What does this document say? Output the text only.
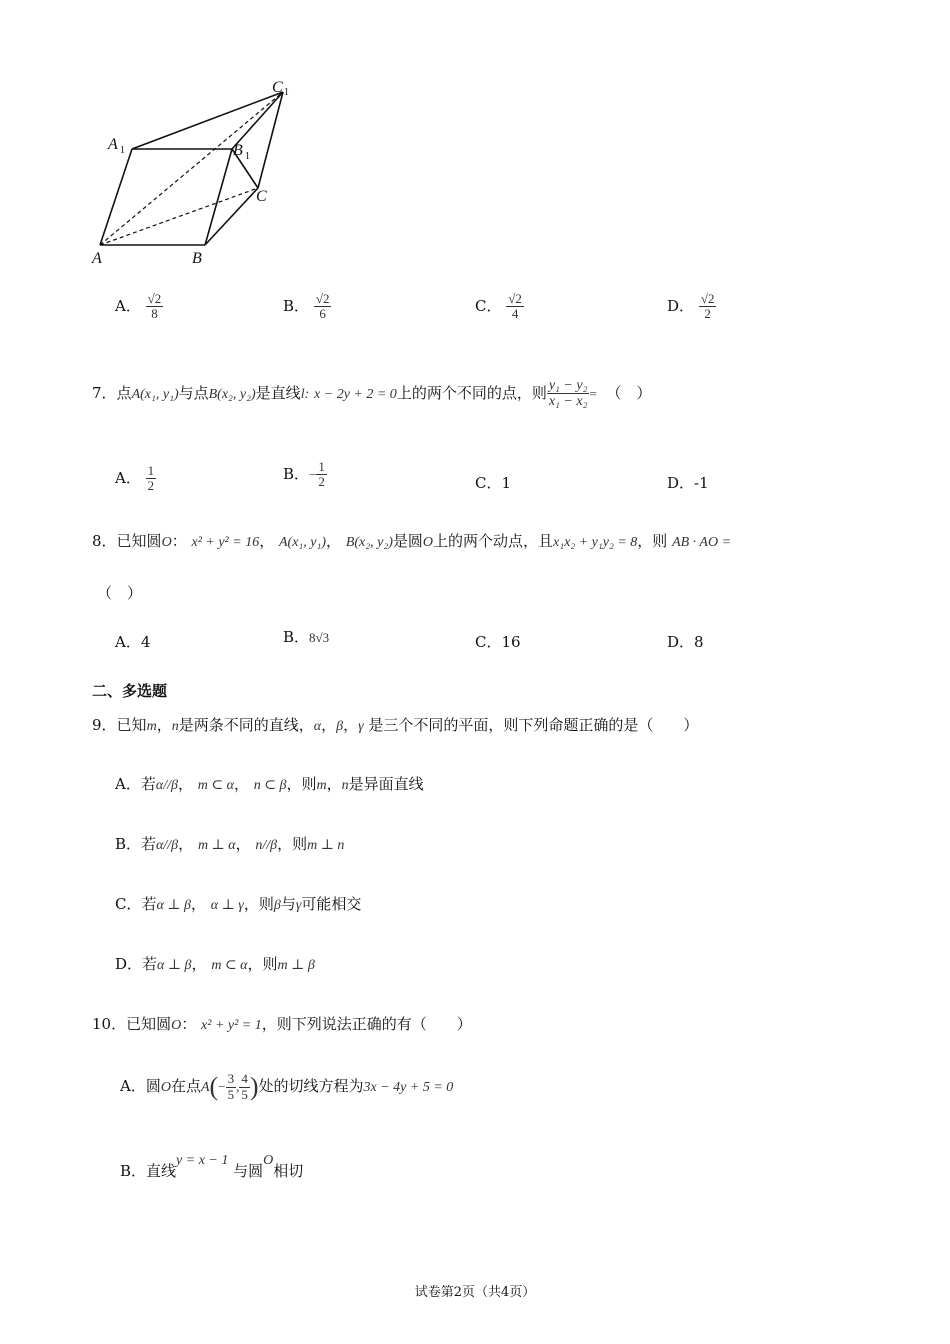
A	B
C
A 1	B 1
C 1
A． $\frac{√2}{8}$	B． $\frac{√2}{6}$	C． $\frac{√2}{4}$	D． $\frac{√2}{2}$
7．点A(x₁, y₁)与点B(x₂, y₂)是直线l: x − 2y + 2 = 0上的两个不同的点，则 $\frac{\text{y₁ − y₂}}{\text{x₁ − x₂}}$ = （　）
A． $\frac{1}{2}$	B．− $\frac{1}{2}$	C．1	D．-1
8．已知圆O： x² + y² = 16， A(x₁, y₁)， B(x₂, y₂)是圆O上的两个动点，且x₁x₂ + y₁y₂ = 8，则 AB · AO =
（　）
A．4	B．8√3	C．16	D．8
二、多选题
9．已知m，n是两条不同的直线，α，β，γ 是三个不同的平面，则下列命题正确的是（　　）
A．若α//β， m ⊂ α， n ⊂ β，则m，n是异面直线
B．若α//β， m ⊥ α， n//β，则m ⊥ n
C．若α ⊥ β， α ⊥ γ，则β与γ可能相交
D．若α ⊥ β， m ⊂ α，则m ⊥ β
10．已知圆O： x² + y² = 1，则下列说法正确的有（　　）
A．圆O在点$A(- \frac{3}{5}$ , $\frac{4}{5}$ )处的切线方程为3x − 4y + 5 = 0
B．直线y = x − 1 与圆O相切
试卷第2页（共4页）
